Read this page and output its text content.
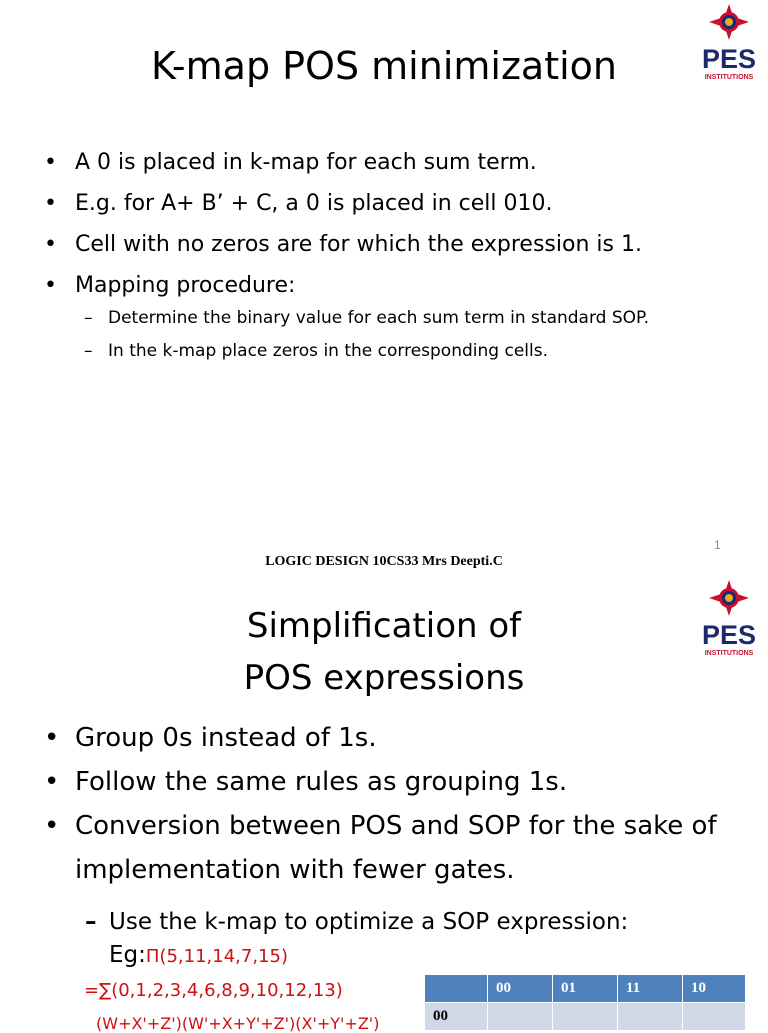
K-map POS minimization	PES
INSTITUTIONS
• A 0 is placed in k-map for each sum term.
• E.g. for A+ B’ + C, a 0 is placed in cell 010.
• Cell with no zeros are for which the expression is 1.
• Mapping procedure:
– Determine the binary value for each sum term in standard SOP.
– In the k-map place zeros in the corresponding cells.
1
LOGIC DESIGN 10CS33 Mrs Deepti.C
Simplification of
POS expressions
PES
INSTITUTIONS
• Group 0s instead of 1s.
• Follow the same rules as grouping 1s.
• Conversion between POS and SOP for the sake of implementation with fewer gates.
– Use the k-map to optimize a SOP expression:
Eg:Π(5,11,14,7,15)
=∑(0,1,2,3,4,6,8,9,10,12,13)
(W+X'+Z')(W'+X+Y'+Z')(X'+Y'+Z')
	00	01	11	10
00				
